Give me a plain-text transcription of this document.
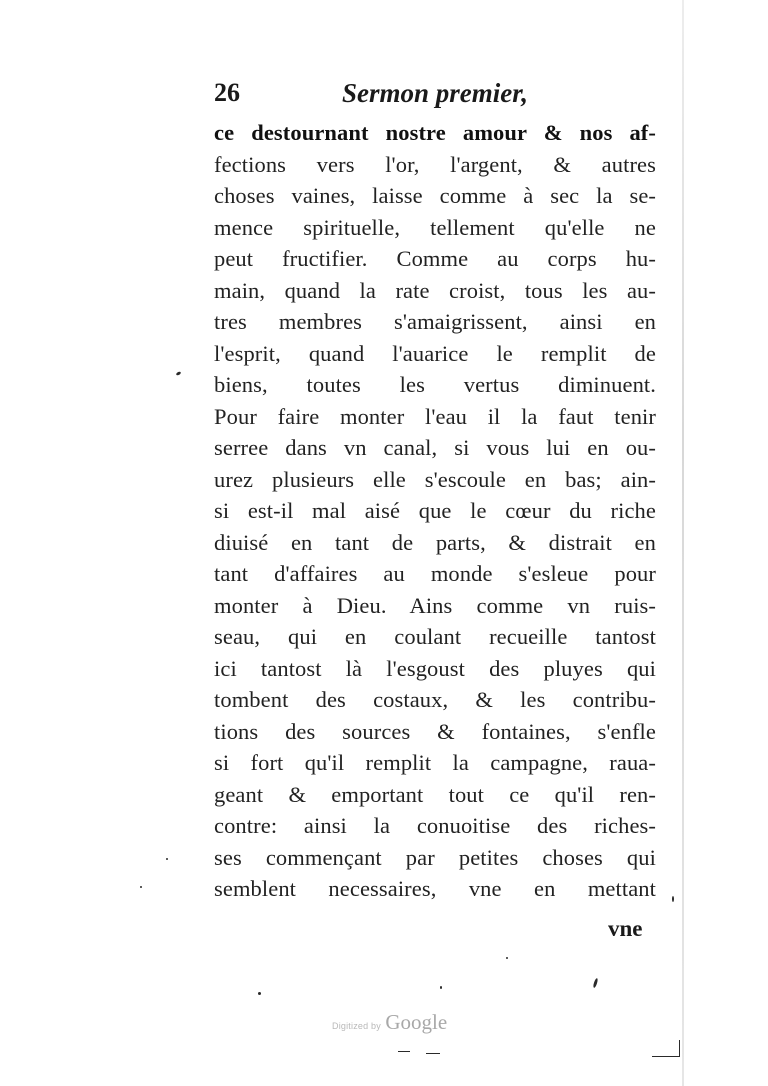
26	Sermon premier,
ce destournant nostre amour & nos af-
fections vers l'or, l'argent, & autres
choses vaines, laisse comme à sec la se-
mence spirituelle, tellement qu'elle ne
peut fructifier. Comme au corps hu-
main, quand la rate croist, tous les au-
tres membres s'amaigrissent, ainsi en
l'esprit, quand l'auarice le remplit de
biens, toutes les vertus diminuent.
Pour faire monter l'eau il la faut tenir
serree dans vn canal, si vous lui en ou-
urez plusieurs elle s'escoule en bas; ain-
si est-il mal aisé que le cœur du riche
diuisé en tant de parts, & distrait en
tant d'affaires au monde s'esleue pour
monter à Dieu. Ains comme vn ruis-
seau, qui en coulant recueille tantost
ici tantost là l'esgoust des pluyes qui
tombent des costaux, & les contribu-
tions des sources & fontaines, s'enfle
si fort qu'il remplit la campagne, raua-
geant & emportant tout ce qu'il ren-
contre: ainsi la conuoitise des riches-
ses commençant par petites choses qui
semblent necessaires, vne en mettant
vne
Digitized by Google
